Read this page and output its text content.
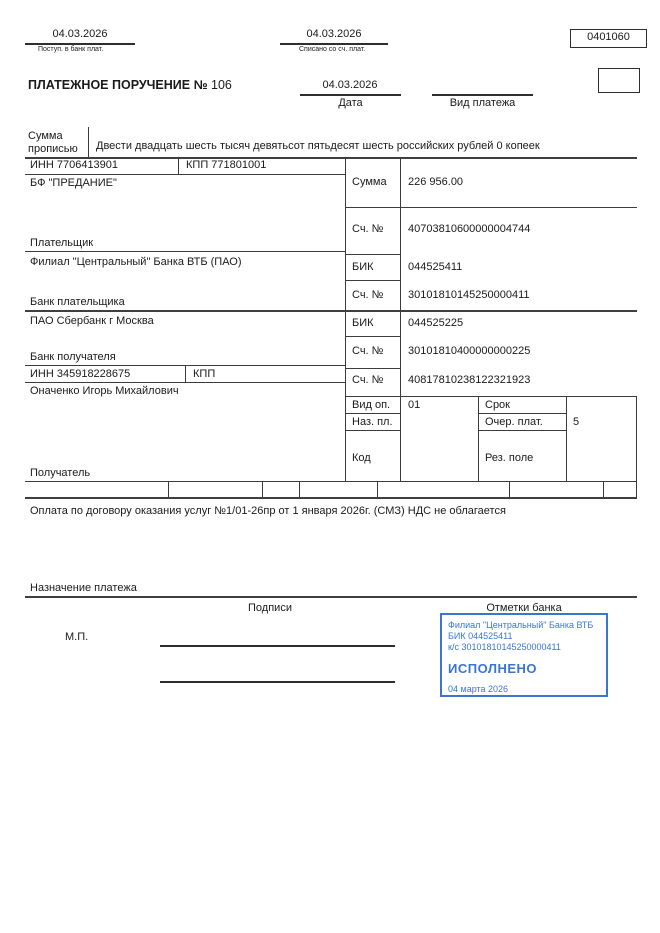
04.03.2026
Поступ. в банк плат.
04.03.2026
Списано со сч. плат.
0401060
ПЛАТЕЖНОЕ ПОРУЧЕНИЕ № 106	04.03.2026
Дата	Вид платежа
Сумма
прописью	Двести двадцать шесть тысяч девятьсот пятьдесят шесть российских рублей 0 копеек
ИНН 7706413901	КПП 771801001
БФ "ПРЕДАНИЕ"
Плательщик
Сумма 226 956.00
Сч. № 40703810600000004744
Филиал "Центральный" Банка ВТБ (ПАО)	БИК	044525411
Сч. № 30101810145250000411
Банк плательщика
ПАО Сбербанк г Москва	БИК	044525225
Сч. № 30101810400000000225
Банк получателя
ИНН 345918228675	КПП
Оначенко Игорь Михайлович
Сч. № 40817810238122321923
Вид оп. 01	Срок
Наз. пл.	Очер. плат.	5
Код	Рез. поле
Получатель
Оплата по договору оказания услуг №1/01-26пр от 1 января 2026г. (СМЗ) НДС не облагается
Назначение платежа
Подписи	Отметки банка
М.П.
Филиал "Центральный" Банка ВТБ
БИК 044525411
к/с 30101810145250000411
ИСПОЛНЕНО
04 марта 2026
